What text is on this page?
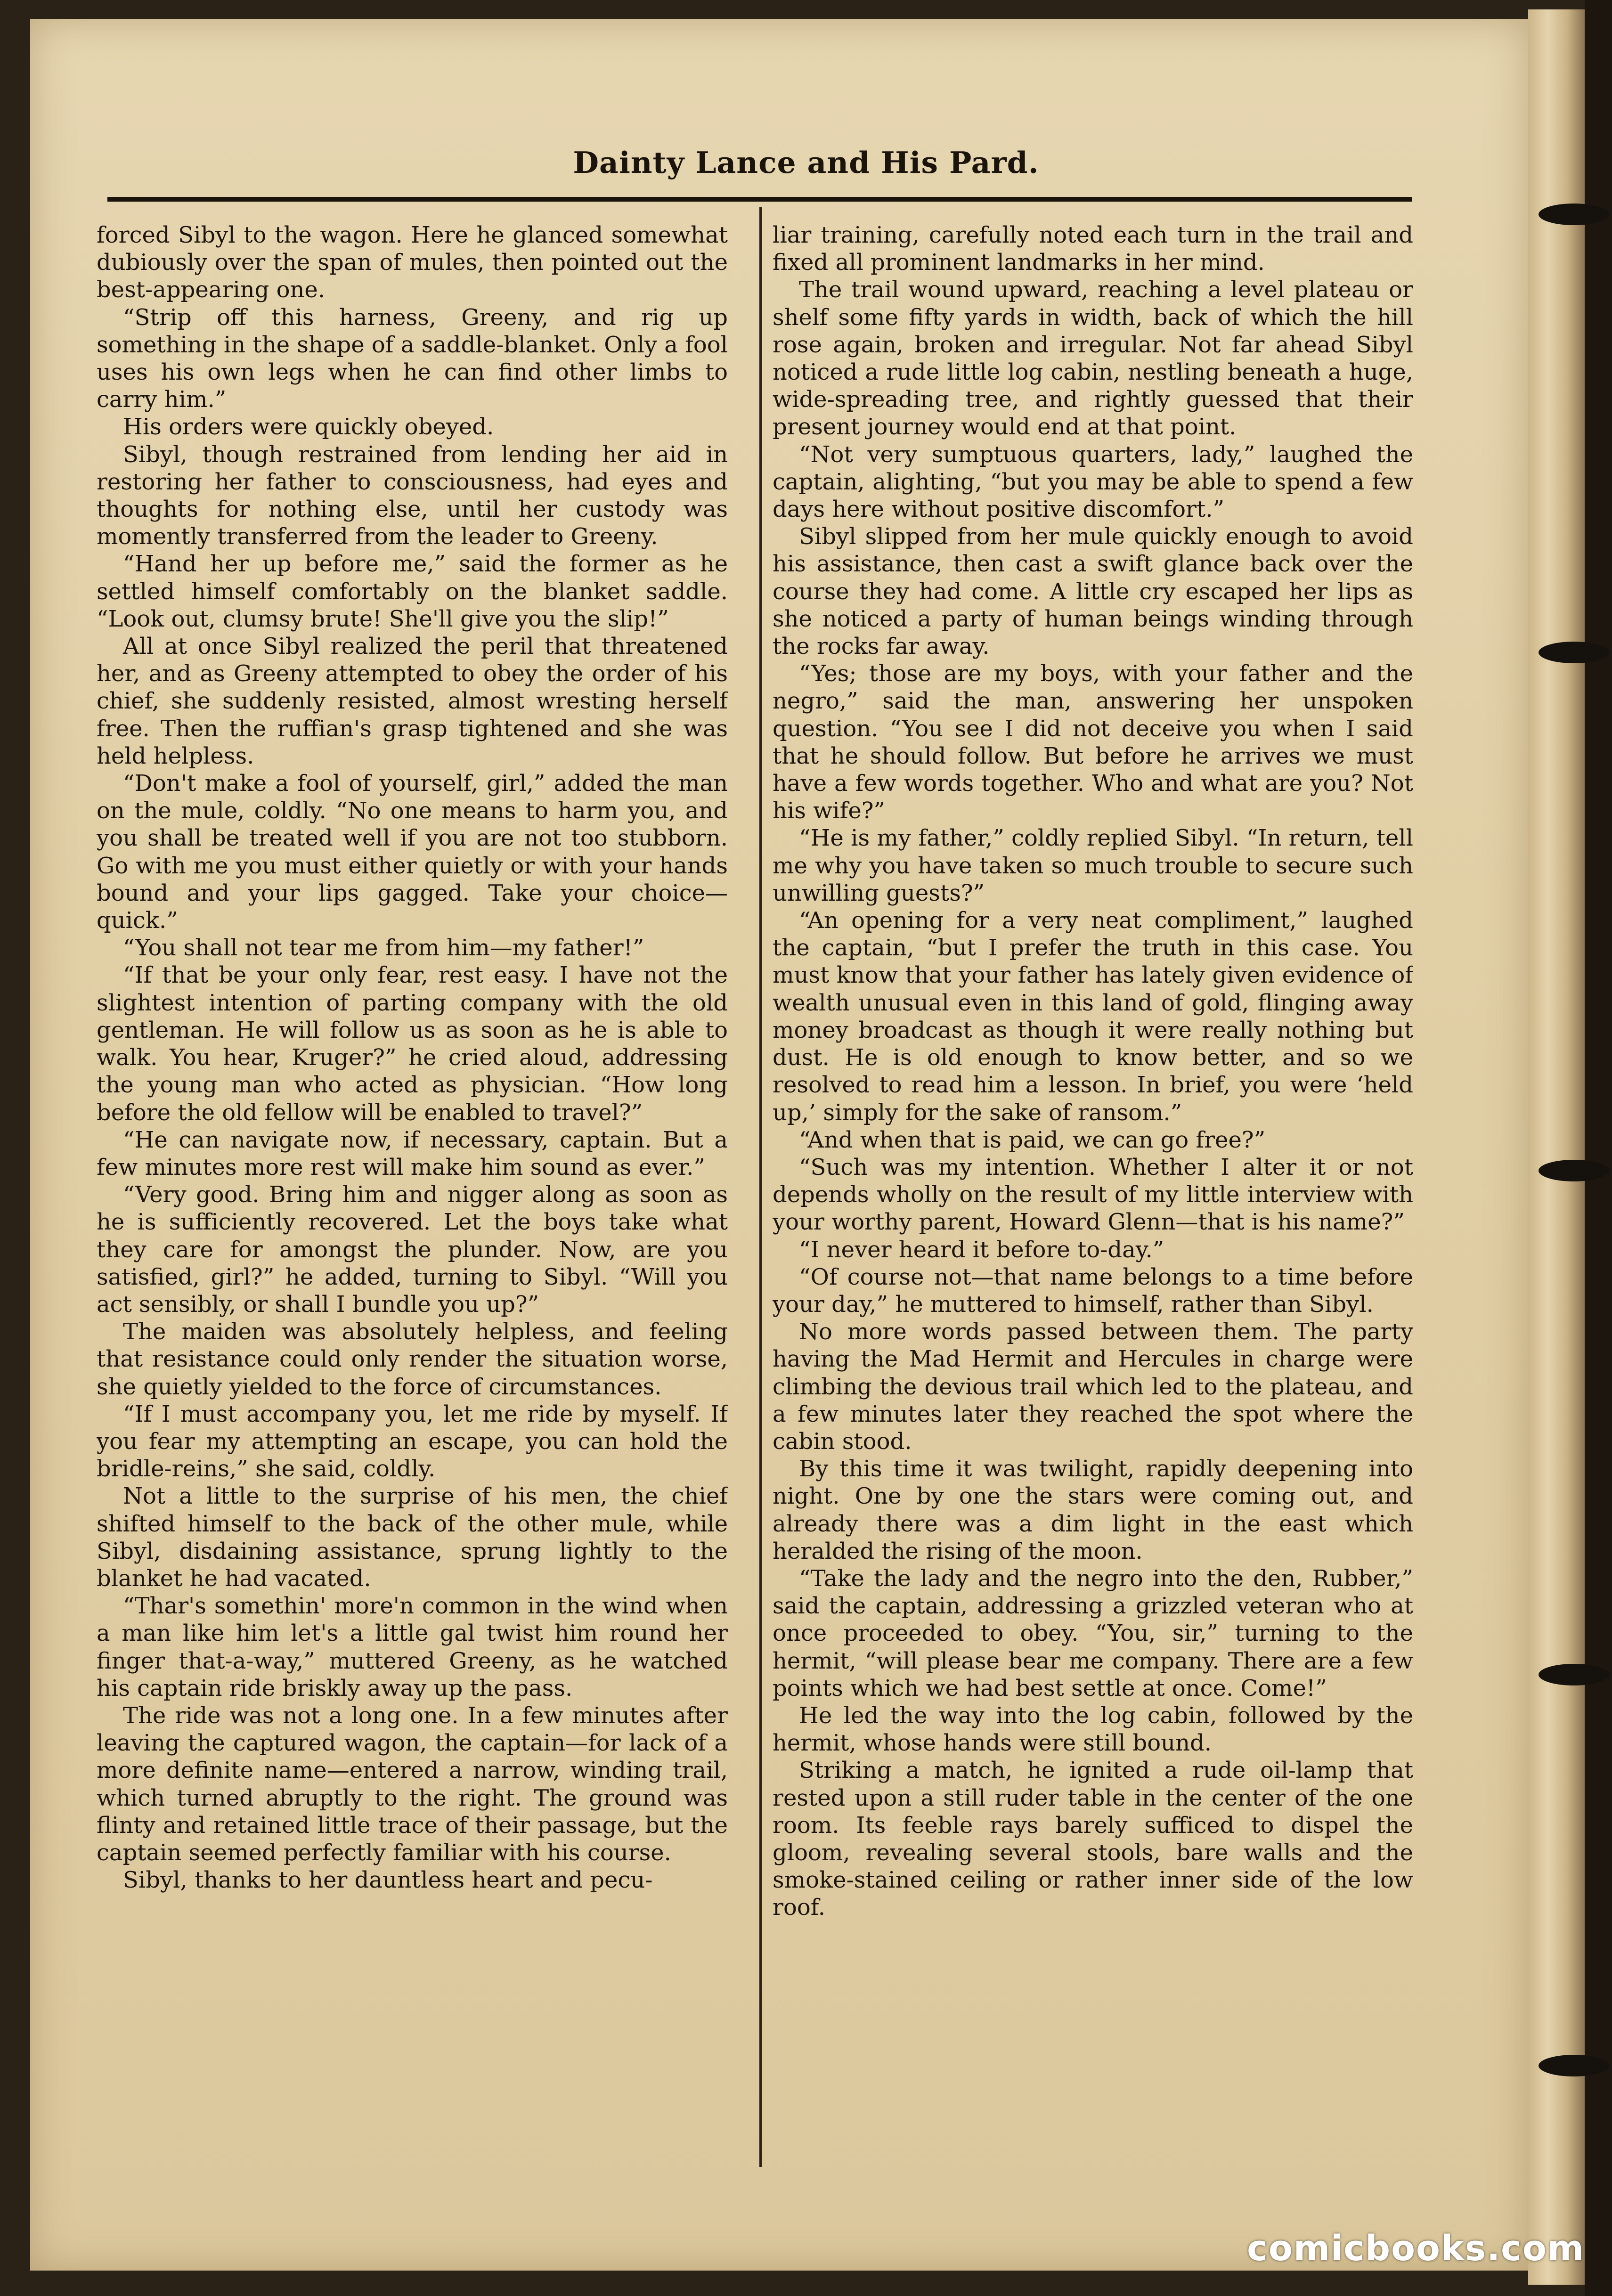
Dainty Lance and His Pard.

forced Sibyl to the wagon. Here he glanced somewhat dubiously over the span of mules, then pointed out the best-appearing one.

“Strip off this harness, Greeny, and rig up something in the shape of a saddle-blanket. Only a fool uses his own legs when he can find other limbs to carry him.”

His orders were quickly obeyed.

Sibyl, though restrained from lending her aid in restoring her father to consciousness, had eyes and thoughts for nothing else, until her custody was momently transferred from the leader to Greeny.

“Hand her up before me,” said the former as he settled himself comfortably on the blanket saddle. “Look out, clumsy brute! She'll give you the slip!”

All at once Sibyl realized the peril that threatened her, and as Greeny attempted to obey the order of his chief, she suddenly resisted, almost wresting herself free. Then the ruffian's grasp tightened and she was held helpless.

“Don't make a fool of yourself, girl,” added the man on the mule, coldly. “No one means to harm you, and you shall be treated well if you are not too stubborn. Go with me you must either quietly or with your hands bound and your lips gagged. Take your choice—quick.”

“You shall not tear me from him—my father!”

“If that be your only fear, rest easy. I have not the slightest intention of parting company with the old gentleman. He will follow us as soon as he is able to walk. You hear, Kruger?” he cried aloud, addressing the young man who acted as physician. “How long before the old fellow will be enabled to travel?”

“He can navigate now, if necessary, captain. But a few minutes more rest will make him sound as ever.”

“Very good. Bring him and nigger along as soon as he is sufficiently recovered. Let the boys take what they care for amongst the plunder. Now, are you satisfied, girl?” he added, turning to Sibyl. “Will you act sensibly, or shall I bundle you up?”

The maiden was absolutely helpless, and feeling that resistance could only render the situation worse, she quietly yielded to the force of circumstances.

“If I must accompany you, let me ride by myself. If you fear my attempting an escape, you can hold the bridle-reins,” she said, coldly.

Not a little to the surprise of his men, the chief shifted himself to the back of the other mule, while Sibyl, disdaining assistance, sprung lightly to the blanket he had vacated.

“Thar's somethin' more'n common in the wind when a man like him let's a little gal twist him round her finger that-a-way,” muttered Greeny, as he watched his captain ride briskly away up the pass.

The ride was not a long one. In a few minutes after leaving the captured wagon, the captain—for lack of a more definite name—entered a narrow, winding trail, which turned abruptly to the right. The ground was flinty and retained little trace of their passage, but the captain seemed perfectly familiar with his course.

Sibyl, thanks to her dauntless heart and pecu-

liar training, carefully noted each turn in the trail and fixed all prominent landmarks in her mind.

The trail wound upward, reaching a level plateau or shelf some fifty yards in width, back of which the hill rose again, broken and irregular. Not far ahead Sibyl noticed a rude little log cabin, nestling beneath a huge, wide-spreading tree, and rightly guessed that their present journey would end at that point.

“Not very sumptuous quarters, lady,” laughed the captain, alighting, “but you may be able to spend a few days here without positive discomfort.”

Sibyl slipped from her mule quickly enough to avoid his assistance, then cast a swift glance back over the course they had come. A little cry escaped her lips as she noticed a party of human beings winding through the rocks far away.

“Yes; those are my boys, with your father and the negro,” said the man, answering her unspoken question. “You see I did not deceive you when I said that he should follow. But before he arrives we must have a few words together. Who and what are you? Not his wife?”

“He is my father,” coldly replied Sibyl. “In return, tell me why you have taken so much trouble to secure such unwilling guests?”

“An opening for a very neat compliment,” laughed the captain, “but I prefer the truth in this case. You must know that your father has lately given evidence of wealth unusual even in this land of gold, flinging away money broadcast as though it were really nothing but dust. He is old enough to know better, and so we resolved to read him a lesson. In brief, you were ‘held up,’ simply for the sake of ransom.”

“And when that is paid, we can go free?”

“Such was my intention. Whether I alter it or not depends wholly on the result of my little interview with your worthy parent, Howard Glenn—that is his name?”

“I never heard it before to-day.”

“Of course not—that name belongs to a time before your day,” he muttered to himself, rather than Sibyl.

No more words passed between them. The party having the Mad Hermit and Hercules in charge were climbing the devious trail which led to the plateau, and a few minutes later they reached the spot where the cabin stood.

By this time it was twilight, rapidly deepening into night. One by one the stars were coming out, and already there was a dim light in the east which heralded the rising of the moon.

“Take the lady and the negro into the den, Rubber,” said the captain, addressing a grizzled veteran who at once proceeded to obey. “You, sir,” turning to the hermit, “will please bear me company. There are a few points which we had best settle at once. Come!”

He led the way into the log cabin, followed by the hermit, whose hands were still bound.

Striking a match, he ignited a rude oil-lamp that rested upon a still ruder table in the center of the one room. Its feeble rays barely sufficed to dispel the gloom, revealing several stools, bare walls and the smoke-stained ceiling or rather inner side of the low roof.

comicbooks.com
